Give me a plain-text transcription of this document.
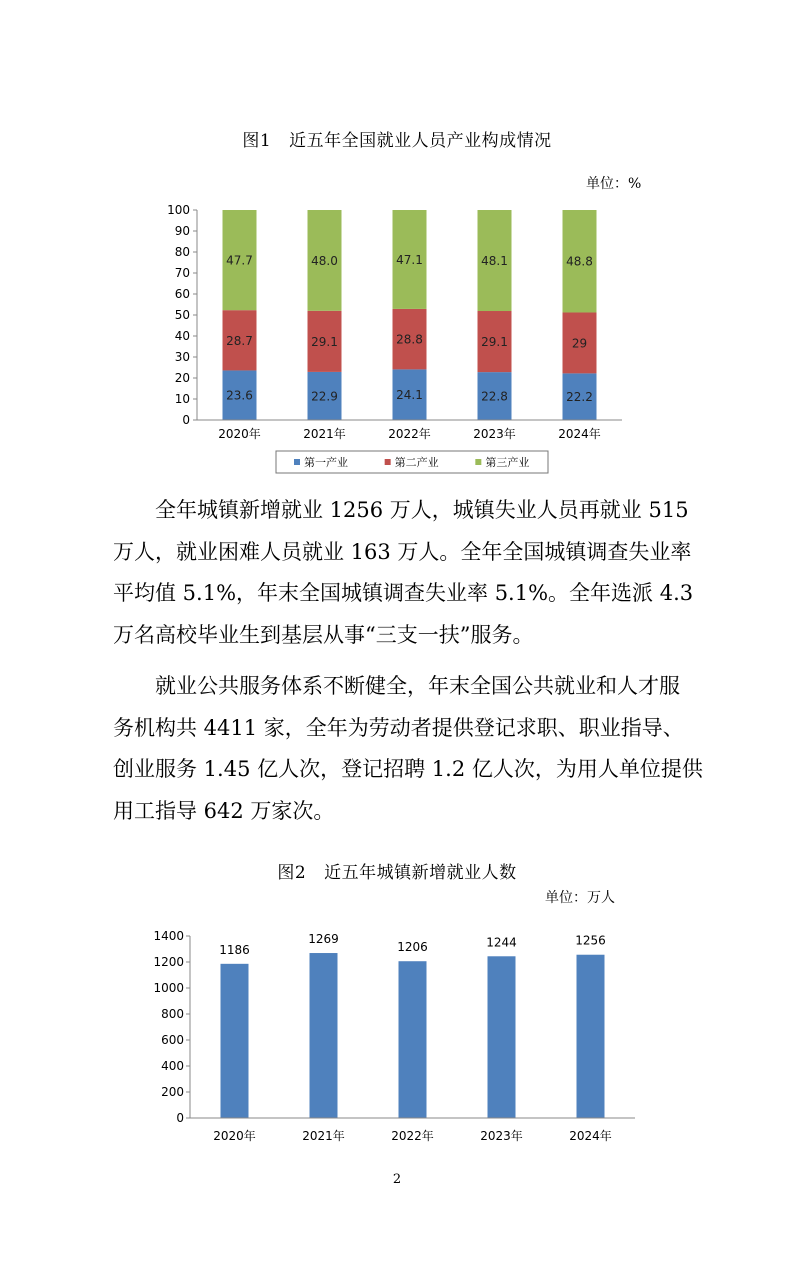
图1 近五年全国就业人员产业构成情况
单位：%
0
10
20
30
40
50
60
70
80
90
100
23.6
28.7
47.7
22.9
29.1
48.0
24.1
28.8
47.1
22.8
29.1
48.1
22.2
29
48.8
2020年	2021年	2022年	2023年	2024年
第一产业	第二产业	第三产业
全年城镇新增就业 1256 万人，城镇失业人员再就业 515
万人，就业困难人员就业 163 万人。全年全国城镇调查失业率
平均值 5.1%，年末全国城镇调查失业率 5.1%。全年选派 4.3
万名高校毕业生到基层从事“三支一扶”服务。
就业公共服务体系不断健全，年末全国公共就业和人才服
务机构共 4411 家，全年为劳动者提供登记求职、职业指导、
创业服务 1.45 亿人次，登记招聘 1.2 亿人次，为用人单位提供
用工指导 642 万家次。
图2 近五年城镇新增就业人数
单位：万人
0
200
400
600
800
1000
1200
1400
1186
1269
1206	1244	1256
2020年	2021年	2022年	2023年	2024年
2
